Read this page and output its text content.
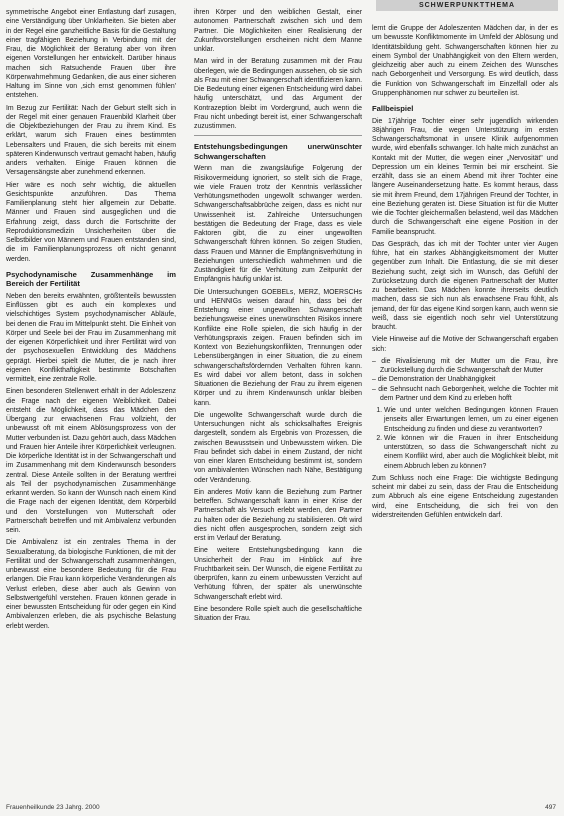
SCHWERPUNKTTHEMA

symmetrische Angebot einer Entlastung darf zusagen, eine Verständigung über Unklarheiten. Sie bieten aber in der Regel eine ganzheitliche Basis für die Gestaltung einer tragfähigen Beziehung in Verbindung mit der Frau, die Möglichkeit der Beratung aber von ihren eigenen Vorstellungen her entwickelt. Darüber hinaus machen sich Ratsuchende Frauen über ihre Körperwahrnehmung Gedanken, die aus einer sicheren Haltung im Sinne von ‚sich ernst genommen fühlen' entstehen.

Im Bezug zur Fertilität: Nach der Geburt stellt sich in der Regel mit einer genauen Frauenbild Klarheit über die Objektbeziehungen der Frau zu ihrem Kind. Es erklärt, warum sich Frauen eines bestimmten Lebensalters und Frauen, die sich bereits mit einem späteren Kinderwunsch vertraut gemacht haben, häufig anders verhalten. Einige Frauen können die Versagensängste aber zunehmend erkennen.

Hier wäre es noch sehr wichtig, die aktuellen Gesichtspunkte anzuführen. Das Thema Familienplanung steht hier allgemein zur Debatte. Männer und Frauen sind ausgeglichen und die Erfahrung zeigt, dass durch die Fortschritte der Reproduktionsmedizin Unsicherheiten über die Selbstbilder von Männern und Frauen entstanden sind, die im Familienplanungsprozess oft nicht genannt werden.

Psychodynamische Zusammenhänge im Bereich der Fertilität

Neben den bereits erwähnten, größtenteils bewussten Einflüssen gibt es auch ein komplexes und vielschichtiges System psychodynamischer Abläufe, bei denen die Frau im Mittelpunkt steht. Die Einheit von Körper und Seele bei der Frau im Zusammenhang mit der eigenen Körperlichkeit und ihrer Fertilität wird von der psychosexuellen Entwicklung des Mädchens geprägt. Hierbei spielt die Mutter, die je nach ihrer eigenen Konflikthaftigkeit bestimmte Botschaften vermittelt, eine zentrale Rolle.

Einen besonderen Stellenwert erhält in der Adoleszenz die Frage nach der eigenen Weiblichkeit. Dabei entsteht die Möglichkeit, dass das Mädchen den Übergang zur erwachsenen Frau vollzieht, der unbewusst oft mit einem Ablösungsprozess von der Mutter verbunden ist. Dazu gehört auch, dass Mädchen und Frauen hier Anteile ihrer Körperlichkeit verleugnen. Die körperliche Identität ist in der Schwangerschaft und im Zusammenhang mit dem Kinderwunsch besonders zentral. Diese Anteile sollten in der Beratung wertfrei als Teil der psychodynamischen Zusammenhänge erkannt werden. So kann der Wunsch nach einem Kind die Frage nach der eigenen Identität, dem Körperbild und den Vorstellungen von Mutterschaft oder Partnerschaft betreffen und mit Ambivalenz verbunden sein.

Die Ambivalenz ist ein zentrales Thema in der Sexualberatung, da biologische Funktionen, die mit der Fertilität und der Schwangerschaft zusammenhängen, unbewusst eine besondere Bedeutung für die Frau erlangen. Die Frau kann körperliche Veränderungen als Verlust erleben, diese aber auch als Gewinn von Selbstwertgefühl verstehen. Frauen können gerade in einer bewussten Entscheidung für oder gegen ein Kind Ambivalenzen erleben, die als psychische Belastung erlebt werden.

ihren Körper und den weiblichen Gestalt, einer autonomen Partnerschaft zwischen sich und dem Partner. Die Möglichkeiten einer Realisierung der Zukunftsvorstellungen erscheinen nicht dem Manne unklar.

Man wird in der Beratung zusammen mit der Frau überlegen, wie die Bedingungen aussehen, ob sie sich als Frau mit einer Schwangerschaft identifizieren kann. Die Bedeutung einer eigenen Entscheidung wird dabei häufig unterschätzt, und das Argument der Kontrazeption bleibt im Vordergrund, auch wenn die Frau nicht unbedingt bereit ist, einer Schwangerschaft zuzustimmen.

Entstehungsbedingungen unerwünschter Schwangerschaften

Wenn man die zwangsläufige Folgerung der Risikovermeidung ignoriert, so stellt sich die Frage, wie viele Frauen trotz der Kenntnis verlässlicher Verhütungsmethoden ungewollt schwanger werden. Schwangerschaftsabbrüche zeigen, dass es nicht nur Unwissenheit ist. Zahlreiche Untersuchungen bestätigen die Bedeutung der Frage, dass es viele Faktoren gibt, die zu einer ungewollten Schwangerschaft führen können. So zeigen Studien, dass Frauen und Männer die Empfängnisverhütung in Beziehungen unterschiedlich wahrnehmen und die Zuständigkeit für die Verhütung zum Zeitpunkt der Empfängnis häufig unklar ist.

Die Untersuchungen GOEBELs, MERZ, MOERSCHs und HENNIGs weisen darauf hin, dass bei der Entstehung einer ungewollten Schwangerschaft beziehungsweise eines unerwünschten Risikos innere Konflikte eine Rolle spielen, die sich häufig in der Verhütungspraxis zeigen. Frauen befinden sich im Kontext von Beziehungskonflikten, Trennungen oder Lebensübergängen in einer Situation, die zu einem schwangerschaftsfördernden Verhalten führen kann. Es wird dabei vor allem betont, dass in solchen Situationen die Beziehung der Frau zu ihrem eigenen Körper und zu ihrem Kinderwunsch unklar bleiben kann.

Die ungewollte Schwangerschaft wurde durch die Untersuchungen nicht als schicksalhaftes Ereignis dargestellt, sondern als Ergebnis von Prozessen, die zwischen Bewusstsein und Unbewusstem wirken. Die Frau befindet sich dabei in einem Zustand, der nicht von einer klaren Entscheidung bestimmt ist, sondern von ambivalenten Wünschen nach Nähe, Bestätigung oder Veränderung.

Ein anderes Motiv kann die Beziehung zum Partner betreffen. Schwangerschaft kann in einer Krise der Partnerschaft als Versuch erlebt werden, den Partner zu halten oder die Beziehung zu stabilisieren. Oft wird dies nicht offen ausgesprochen, sondern zeigt sich erst im Verlauf der Beratung.

Eine weitere Entstehungsbedingung kann die Unsicherheit der Frau im Hinblick auf ihre Fruchtbarkeit sein. Der Wunsch, die eigene Fertilität zu überprüfen, kann zu einem unbewussten Verzicht auf Verhütung führen, der später als unerwünschte Schwangerschaft erlebt wird.

Eine besondere Rolle spielt auch die gesellschaftliche Situation der Frau.

lernt die Gruppe der Adoleszenten Mädchen dar, in der es um bewusste Konfliktmomente im Umfeld der Ablösung und Identitätsbildung geht. Schwangerschaften können hier zu einem Symbol der Unabhängigkeit von den Eltern werden, gleichzeitig aber auch zu einem Zeichen des Wunsches nach Geborgenheit und Versorgung. Es wird deutlich, dass die Funktion von Schwangerschaft im Einzelfall oder als Gruppenphänomen nur schwer zu beurteilen ist.

Fallbeispiel

Die 17jährige Tochter einer sehr jugendlich wirkenden 38jährigen Frau, die wegen Unterstützung im ersten Schwangerschaftsmonat in unsere Klinik aufgenommen wurde, wird ebenfalls schwanger. Ich halte mich zunächst an Kontakt mit der Mutter, die wegen einer „Nervosität" und Depression um ein kleines Termin bei mir erscheint. Sie erzählt, dass sie an einem Abend mit ihrer Tochter eine längere Auseinandersetzung hatte. Es kommt heraus, dass sie mit ihrem Freund, dem 17jährigen Freund der Tochter, in eine Beziehung geraten ist. Diese Situation ist für die Mutter wie die Tochter gleichermaßen belastend, weil das Mädchen durch die Schwangerschaft eine eigene Position in der Familie beansprucht.

Das Gespräch, das ich mit der Tochter unter vier Augen führe, hat ein starkes Abhängigkeitsmoment der Mutter gegenüber zum Inhalt. Die Entlastung, die sie mit dieser Beziehung sucht, zeigt sich im Wunsch, das Gefühl der Zurücksetzung durch die eigenen Partnerschaft der Mutter zu bearbeiten. Das Mädchen konnte ihrerseits deutlich machen, dass sie sich nun als erwachsene Frau fühlt, als jemand, der für das eigene Kind sorgen kann, auch wenn sie weiß, dass sie eigentlich noch sehr viel Unterstützung braucht.

Viele Hinweise auf die Motive der Schwangerschaft ergaben sich:

– die Rivalisierung mit der Mutter um die Frau, ihre Zurückstellung durch die Schwangerschaft der Mutter
– die Demonstration der Unabhängigkeit
– die Sehnsucht nach Geborgenheit, welche die Tochter mit dem Partner und dem Kind zu erleben hofft
1. Wie und unter welchen Bedingungen können Frauen jenseits aller Erwartungen lernen, um zu einer eigenen Entscheidung zu finden und diese zu verantworten?
2. Wie können wir die Frauen in ihrer Entscheidung unterstützen, so dass die Schwangerschaft nicht zu einem Konflikt wird, aber auch die Möglichkeit bleibt, mit einem Abbruch leben zu können?

Zum Schluss noch eine Frage: Die wichtigste Bedingung scheint mir dabei zu sein, dass der Frau die Entscheidung zum Abbruch als eine eigene Entscheidung zugestanden wird, eine Entscheidung, die sich frei von den widerstreitenden Gefühlen entwickeln darf.

Frauenheilkunde 23 Jahrg. 2000	497
